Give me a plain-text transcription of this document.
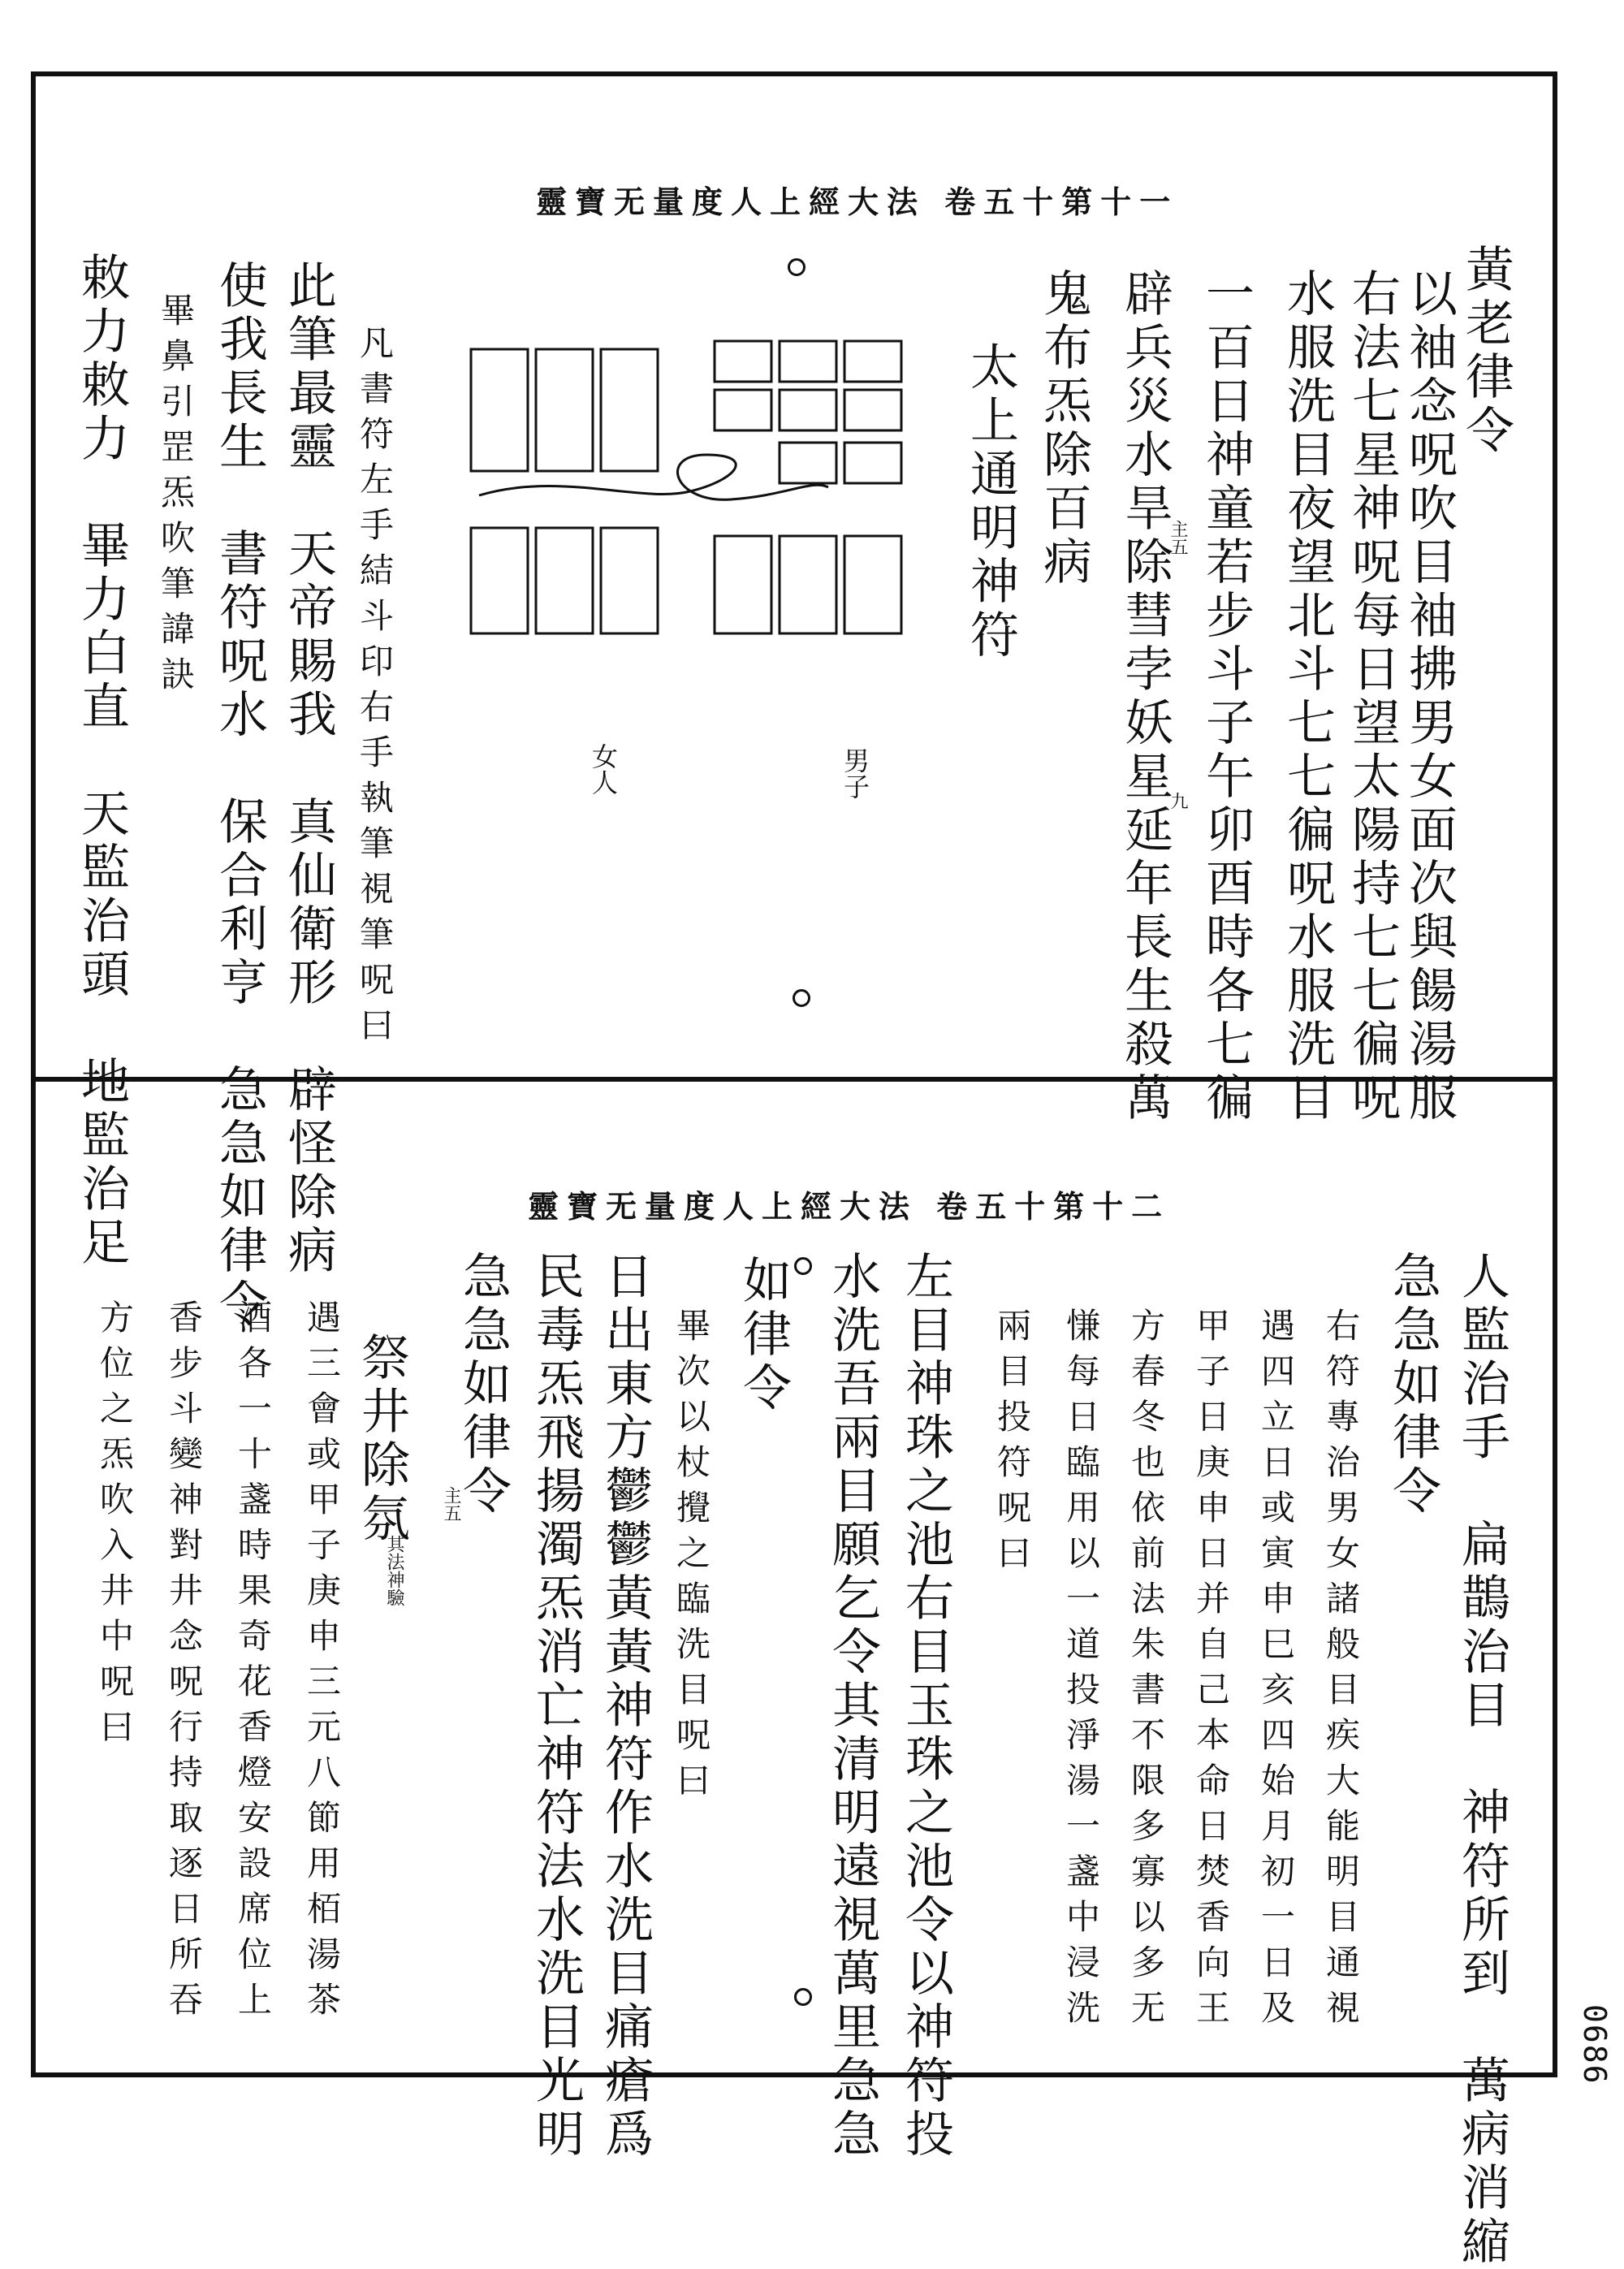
靈寶无量度人上經大法 卷五十第十一
黃老律令
以袖念呪吹目袖拂男女面次與餳湯服
右法七星神呪每日望太陽持七七徧呪
水服洗目夜望北斗七七徧呪水服洗目
一百日神童若步斗子午卯酉時各七徧
辟兵災水旱除彗孛妖星延年長生殺萬
鬼布炁除百病
太上通明神符	主五
九
男子
女人
凡書符左手結斗印右手執筆視筆呪曰
此筆最靈　天帝賜我　真仙衛形　辟怪除病
使我長生　書符呪水　保合利亨　急急如律令
畢鼻引罡炁吹筆諱訣
敕力敕力　畢力白直　天監治頭　地監治足	靈寶无量度人上經大法 卷五十第十二
人監治手　扁鵲治目　神符所到　萬病消縮
急急如律令
右符專治男女諸般目疾大能明目通視
遇四立日或寅申巳亥四始月初一日及
甲子日庚申日并自己本命日焚香向王
方春冬也依前法朱書不限多寡以多无
慊每日臨用以一道投淨湯一盞中浸洗
兩目投符呪曰
左目神珠之池右目玉珠之池令以神符投
水洗吾兩目願乞令其清明遠視萬里急急
如律令
畢次以杖攪之臨洗目呪曰
日出東方鬱鬱黃黃神符作水洗目痛瘡爲
民毒炁飛揚濁炁消亡神符法水洗目光明
急急如律令
祭井除氛
其法神驗
主五
遇三會或甲子庚申三元八節用栢湯茶
酒各一十盞時果奇花香燈安設席位上
香步斗變神對井念呪行持取逐日所吞
方位之炁吹入井中呪曰
0686
